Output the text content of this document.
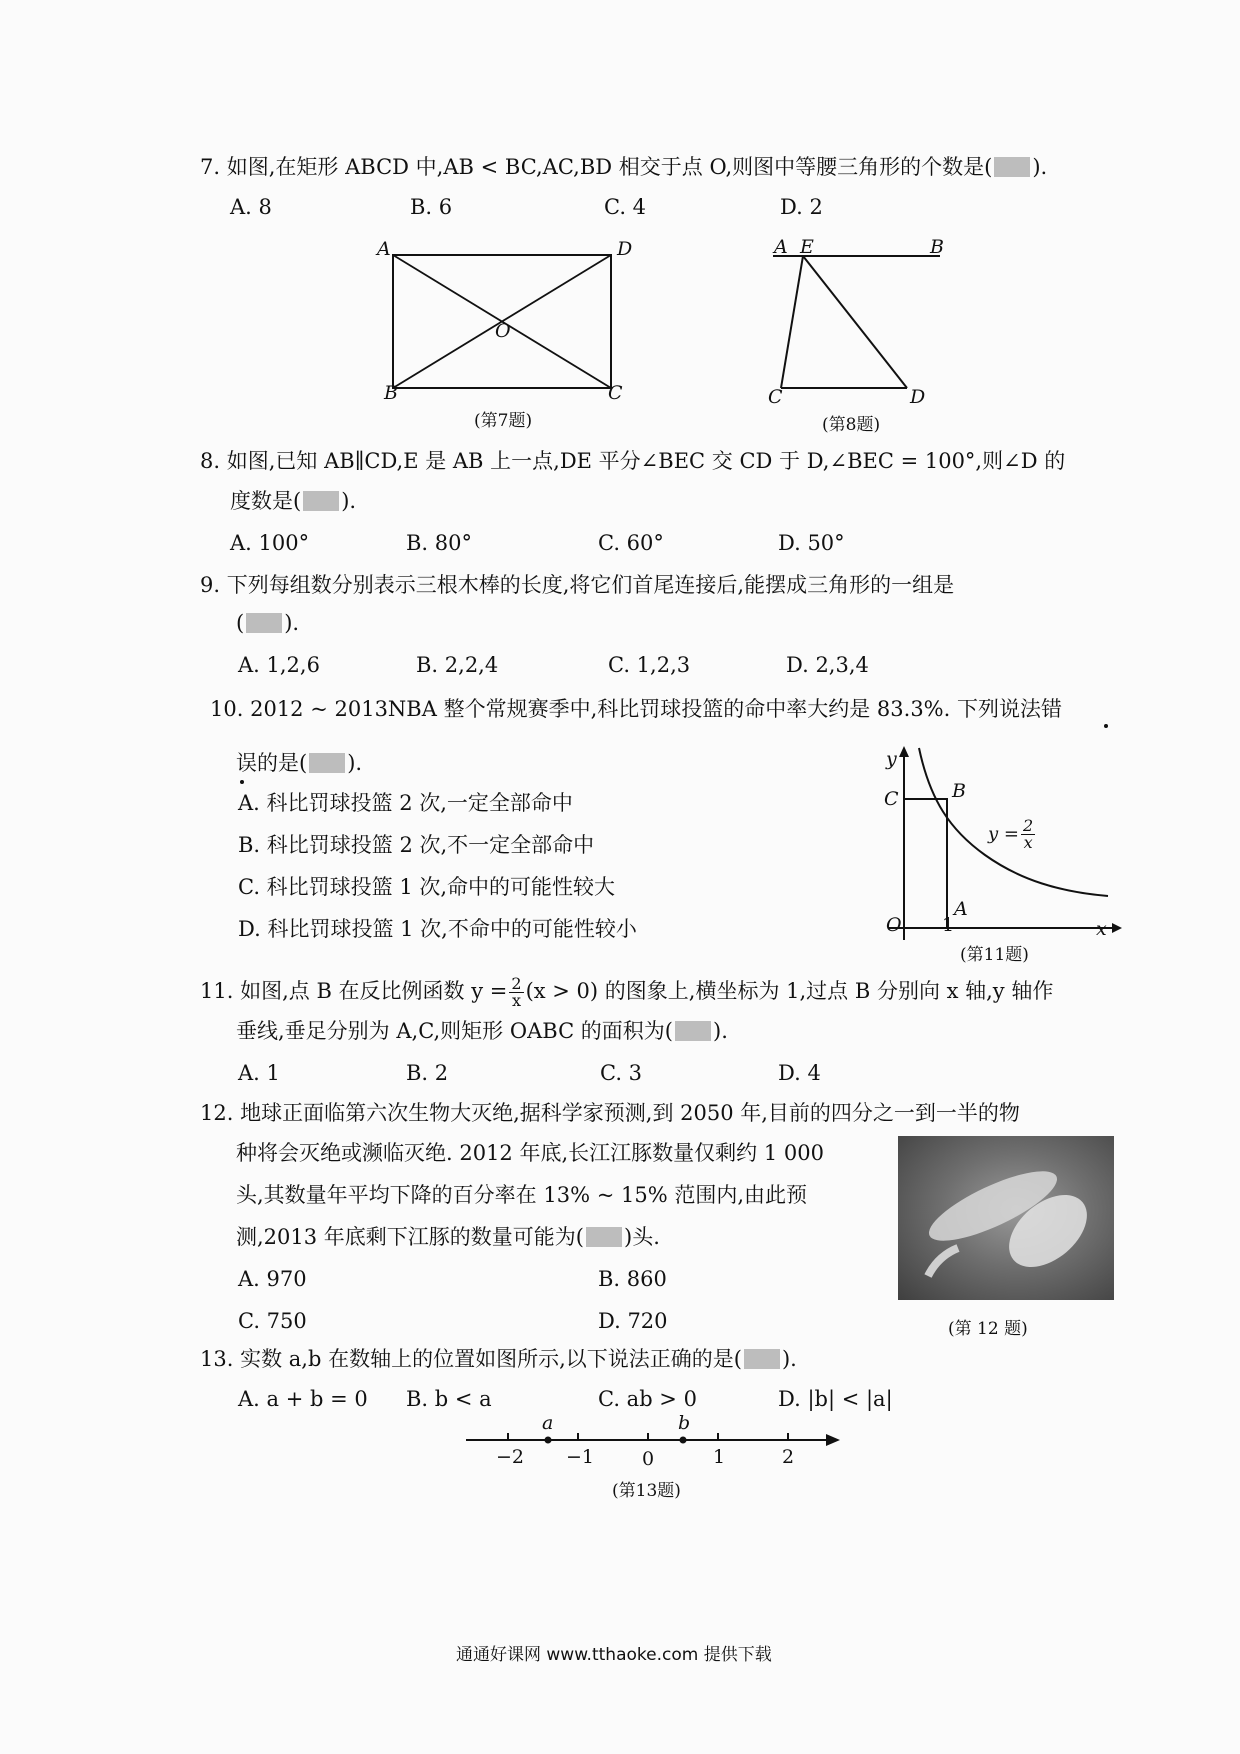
7. 如图,在矩形 ABCD 中,AB < BC,AC,BD 相交于点 O,则图中等腰三角形的个数是( ).
A. 8	B. 6	C. 4	D. 2
A	D
B	C
O
(第7题)
A E	B
C	D
(第8题)
8. 如图,已知 AB∥CD,E 是 AB 上一点,DE 平分∠BEC 交 CD 于 D,∠BEC = 100°,则∠D 的
度数是( ).
A. 100°	B. 80°	C. 60°	D. 50°
9. 下列每组数分别表示三根木棒的长度,将它们首尾连接后,能摆成三角形的一组是
( ).
A. 1,2,6	B. 2,2,4	C. 1,2,3	D. 2,3,4
10. 2012 ~ 2013NBA 整个常规赛季中,科比罚球投篮的命中率大约是 83.3%. 下列说法错
误的是( ).
A. 科比罚球投篮 2 次,一定全部命中
B. 科比罚球投篮 2 次,不一定全部命中
C. 科比罚球投篮 1 次,命中的可能性较大
D. 科比罚球投篮 1 次,不命中的可能性较小
y
x
O 1
A
B
C
$y = \frac{2}{x}$
(第11题)
11. 如图,点 B 在反比例函数 $y = \frac{2}{x} (x > 0)$ 的图象上,横坐标为 1,过点 B 分别向 x 轴,y 轴作
垂线,垂足分别为 A,C,则矩形 OABC 的面积为( ).
A. 1	B. 2	C. 3	D. 4
12. 地球正面临第六次生物大灭绝,据科学家预测,到 2050 年,目前的四分之一到一半的物
种将会灭绝或濒临灭绝. 2012 年底,长江江豚数量仅剩约 1 000
头,其数量年平均下降的百分率在 13% ~ 15% 范围内,由此预
测,2013 年底剩下江豚的数量可能为( )头.
A. 970	B. 860
C. 750	D. 720	(第 12 题)
13. 实数 a,b 在数轴上的位置如图所示,以下说法正确的是( ).
A. a + b = 0 B. b < a	C. ab > 0	D. |b| < |a|
a	b
−2 −1	0	1	2
(第13题)
通通好课网 www.tthaoke.com 提供下载
